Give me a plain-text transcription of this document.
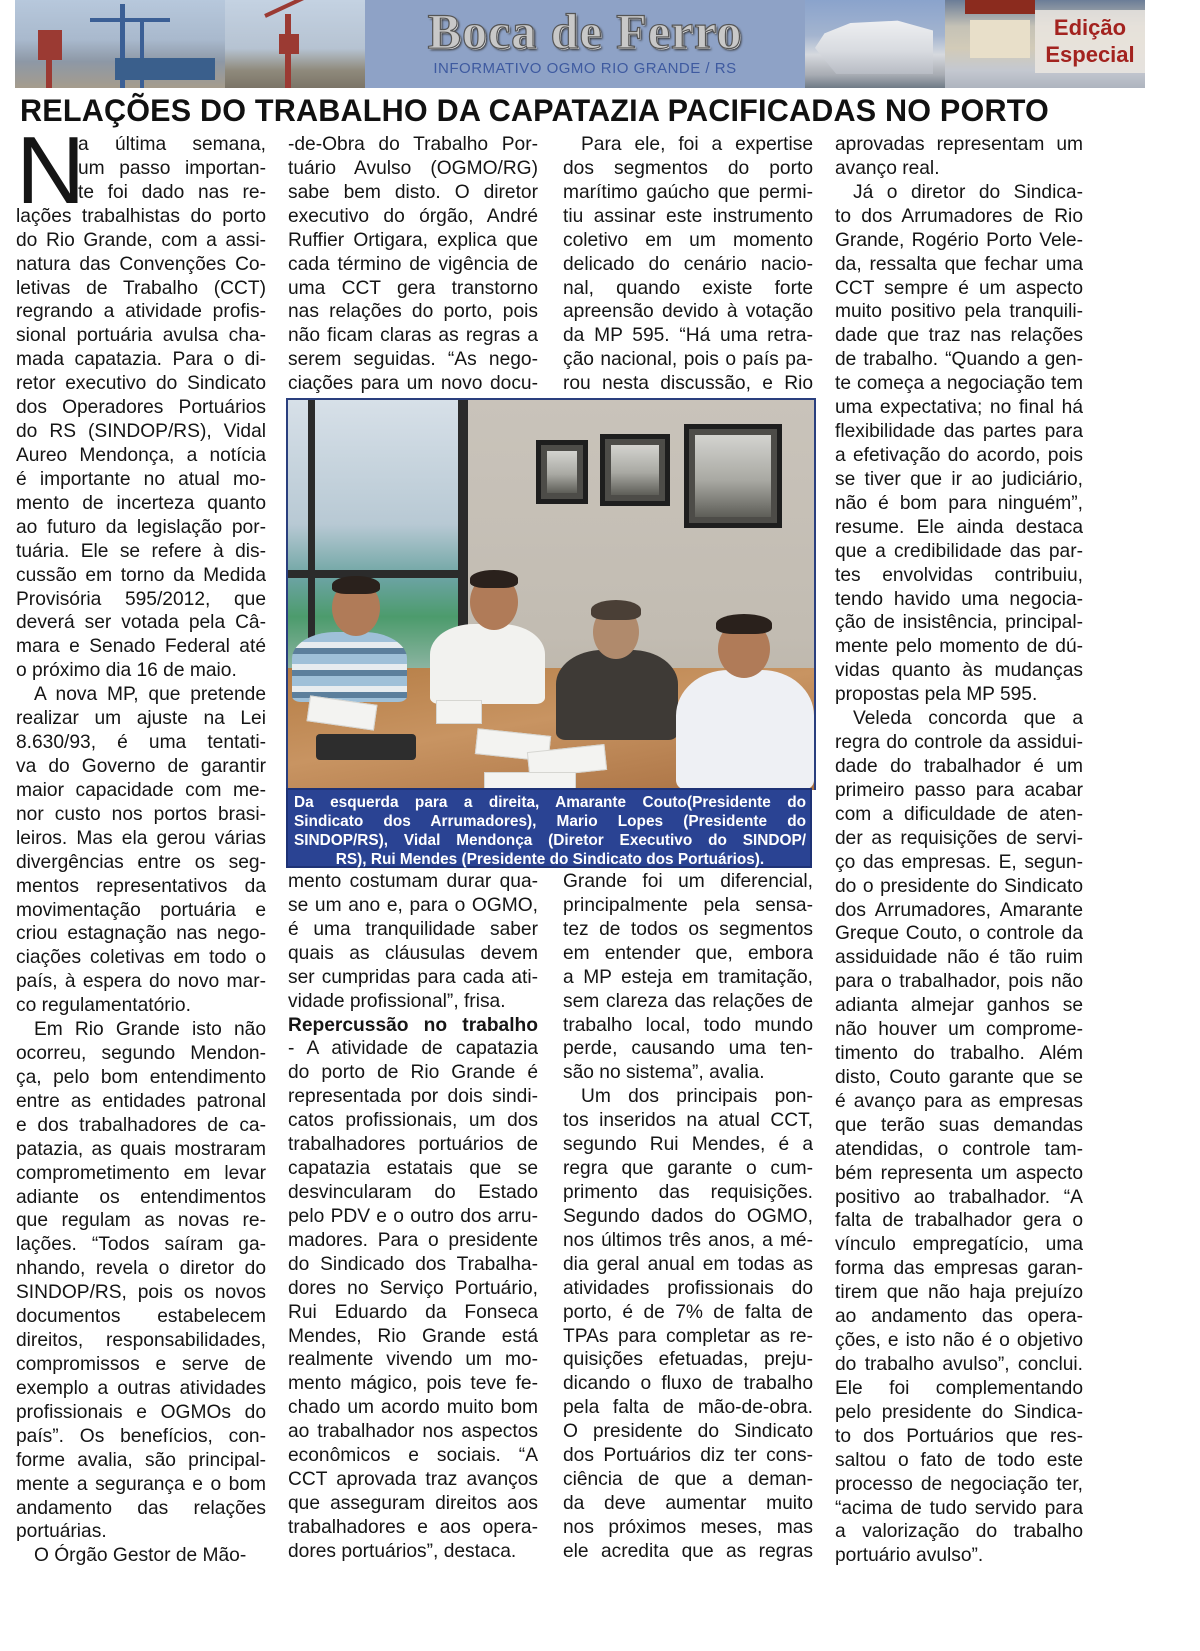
Boca de Ferro
INFORMATIVO OGMO RIO GRANDE / RS
Edição
Especial
RELAÇÕES DO TRABALHO DA CAPATAZIA PACIFICADAS NO PORTO
N
a última semana,
um passo importan-
te foi dado nas re-
lações trabalhistas do porto
do Rio Grande, com a assi-
natura das Convenções Co-
letivas de Trabalho (CCT)
regrando a atividade profis-
sional portuária avulsa cha-
mada capatazia. Para o di-
retor executivo do Sindicato
dos Operadores Portuários
do RS (SINDOP/RS), Vidal
Aureo Mendonça, a notícia
é importante no atual mo-
mento de incerteza quanto
ao futuro da legislação por-
tuária. Ele se refere à dis-
cussão em torno da Medida
Provisória 595/2012, que
deverá ser votada pela Câ-
mara e Senado Federal até
o próximo dia 16 de maio.
A nova MP, que pretende
realizar um ajuste na Lei
8.630/93, é uma tentati-
va do Governo de garantir
maior capacidade com me-
nor custo nos portos brasi-
leiros. Mas ela gerou várias
divergências entre os seg-
mentos representativos da
movimentação portuária e
criou estagnação nas nego-
ciações coletivas em todo o
país, à espera do novo mar-
co regulamentatório.
Em Rio Grande isto não
ocorreu, segundo Mendon-
ça, pelo bom entendimento
entre as entidades patronal
e dos trabalhadores de ca-
patazia, as quais mostraram
comprometimento em levar
adiante os entendimentos
que regulam as novas re-
lações. “Todos saíram ga-
nhando, revela o diretor do
SINDOP/RS, pois os novos
documentos estabelecem
direitos, responsabilidades,
compromissos e serve de
exemplo a outras atividades
profissionais e OGMOs do
país”. Os benefícios, con-
forme avalia, são principal-
mente a segurança e o bom
andamento das relações
portuárias.
O Órgão Gestor de Mão-
-de-Obra do Trabalho Por-
tuário Avulso (OGMO/RG)
sabe bem disto. O diretor
executivo do órgão, André
Ruffier Ortigara, explica que
cada término de vigência de
uma CCT gera transtorno
nas relações do porto, pois
não ficam claras as regras a
serem seguidas. “As nego-
ciações para um novo docu-
mento costumam durar qua-
se um ano e, para o OGMO,
é uma tranquilidade saber
quais as cláusulas devem
ser cumpridas para cada ati-
vidade profissional”, frisa.
Repercussão no trabalho
- A atividade de capatazia
do porto de Rio Grande é
representada por dois sindi-
catos profissionais, um dos
trabalhadores portuários de
capatazia estatais que se
desvincularam do Estado
pelo PDV e o outro dos arru-
madores. Para o presidente
do Sindicado dos Trabalha-
dores no Serviço Portuário,
Rui Eduardo da Fonseca
Mendes, Rio Grande está
realmente vivendo um mo-
mento mágico, pois teve fe-
chado um acordo muito bom
ao trabalhador nos aspectos
econômicos e sociais. “A
CCT aprovada traz avanços
que asseguram direitos aos
trabalhadores e aos opera-
dores portuários”, destaca.
Para ele, foi a expertise
dos segmentos do porto
marítimo gaúcho que permi-
tiu assinar este instrumento
coletivo em um momento
delicado do cenário nacio-
nal, quando existe forte
apreensão devido à votação
da MP 595. “Há uma retra-
ção nacional, pois o país pa-
rou nesta discussão, e Rio
Grande foi um diferencial,
principalmente pela sensa-
tez de todos os segmentos
em entender que, embora
a MP esteja em tramitação,
sem clareza das relações de
trabalho local, todo mundo
perde, causando uma ten-
são no sistema”, avalia.
Um dos principais pon-
tos inseridos na atual CCT,
segundo Rui Mendes, é a
regra que garante o cum-
primento das requisições.
Segundo dados do OGMO,
nos últimos três anos, a mé-
dia geral anual em todas as
atividades profissionais do
porto, é de 7% de falta de
TPAs para completar as re-
quisições efetuadas, preju-
dicando o fluxo de trabalho
pela falta de mão-de-obra.
O presidente do Sindicato
dos Portuários diz ter cons-
ciência de que a deman-
da deve aumentar muito
nos próximos meses, mas
ele acredita que as regras
aprovadas representam um
avanço real.
Já o diretor do Sindica-
to dos Arrumadores de Rio
Grande, Rogério Porto Vele-
da, ressalta que fechar uma
CCT sempre é um aspecto
muito positivo pela tranquili-
dade que traz nas relações
de trabalho. “Quando a gen-
te começa a negociação tem
uma expectativa; no final há
flexibilidade das partes para
a efetivação do acordo, pois
se tiver que ir ao judiciário,
não é bom para ninguém”,
resume. Ele ainda destaca
que a credibilidade das par-
tes envolvidas contribuiu,
tendo havido uma negocia-
ção de insistência, principal-
mente pelo momento de dú-
vidas quanto às mudanças
propostas pela MP 595.
Veleda concorda que a
regra do controle da assidui-
dade do trabalhador é um
primeiro passo para acabar
com a dificuldade de aten-
der as requisições de servi-
ço das empresas. E, segun-
do o presidente do Sindicato
dos Arrumadores, Amarante
Greque Couto, o controle da
assiduidade não é tão ruim
para o trabalhador, pois não
adianta almejar ganhos se
não houver um comprome-
timento do trabalho. Além
disto, Couto garante que se
é avanço para as empresas
que terão suas demandas
atendidas, o controle tam-
bém representa um aspecto
positivo ao trabalhador. “A
falta de trabalhador gera o
vínculo empregatício, uma
forma das empresas garan-
tirem que não haja prejuízo
ao andamento das opera-
ções, e isto não é o objetivo
do trabalho avulso”, conclui.
Ele foi complementando
pelo presidente do Sindica-
to dos Portuários que res-
saltou o fato de todo este
processo de negociação ter,
“acima de tudo servido para
a valorização do trabalho
portuário avulso”.
Da esquerda para a direita, Amarante Couto(Presidente do
Sindicato dos Arrumadores), Mario Lopes (Presidente do
SINDOP/RS), Vidal Mendonça (Diretor Executivo do SINDOP/
RS), Rui Mendes (Presidente do Sindicato dos Portuários).
